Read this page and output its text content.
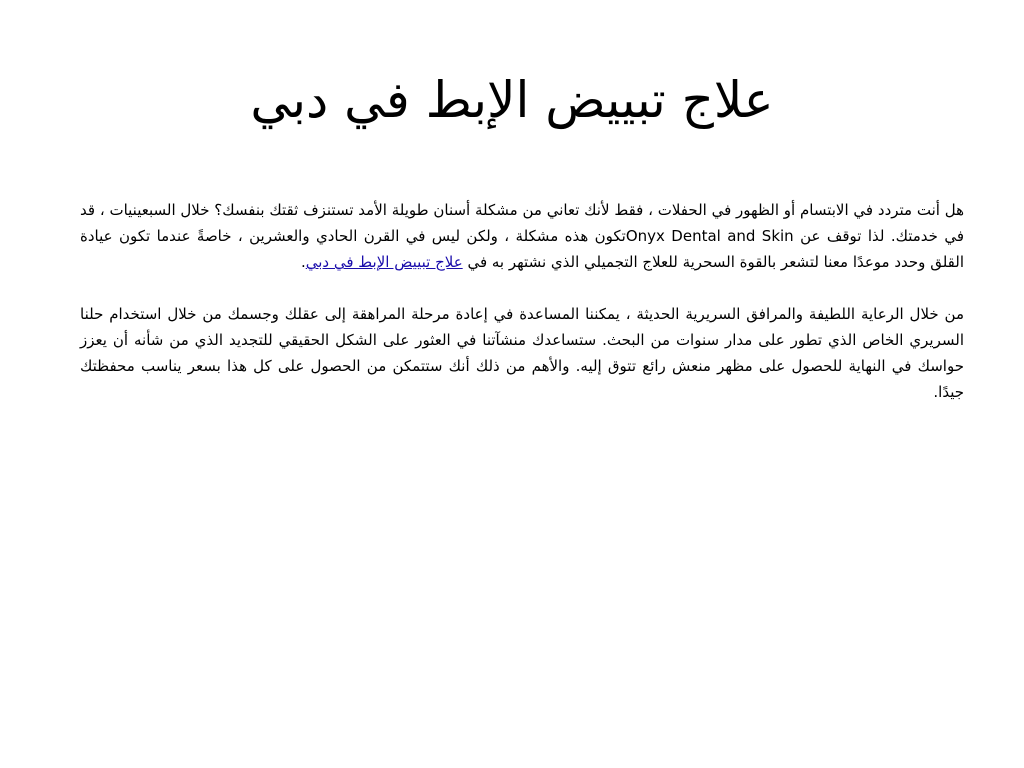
علاج تبييض الإبط في دبي

هل أنت متردد في الابتسام أو الظهور في الحفلات ، فقط لأنك تعاني من مشكلة أسنان طويلة الأمد تستنزف ثقتك بنفسك؟ خلال السبعينيات ، قد في خدمتك. لذا توقف عن Onyx Dental and Skinتكون هذه مشكلة ، ولكن ليس في القرن الحادي والعشرين ، خاصةً عندما تكون عيادة القلق وحدد موعدًا معنا لتشعر بالقوة السحرية للعلاج التجميلي الذي نشتهر به في علاج تبييض الإبط في دبي.

من خلال الرعاية اللطيفة والمرافق السريرية الحديثة ، يمكننا المساعدة في إعادة مرحلة المراهقة إلى عقلك وجسمك من خلال استخدام حلنا السريري الخاص الذي تطور على مدار سنوات من البحث. ستساعدك منشآتنا في العثور على الشكل الحقيقي للتجديد الذي من شأنه أن يعزز حواسك في النهاية للحصول على مظهر منعش رائع تتوق إليه. والأهم من ذلك أنك ستتمكن من الحصول على كل هذا بسعر يناسب محفظتك جيدًا.
